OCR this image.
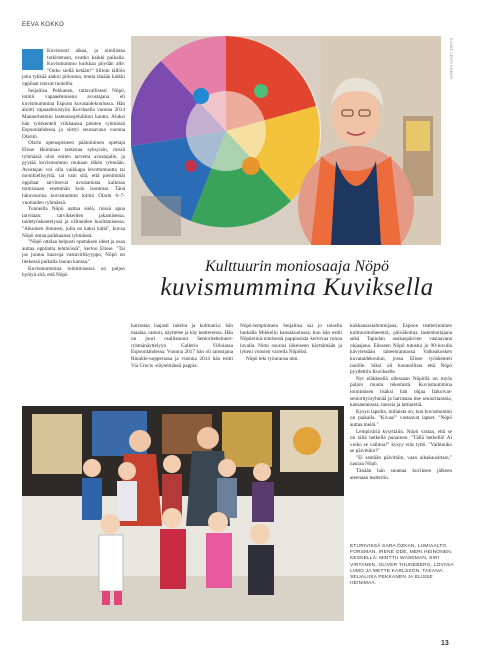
EEVA KOKKO

Kuvistunti alkaa, ja nimilistaa tarkistetaan, ovatko kaikki paikalla. Kuvismummo kurkkaa pöydän alle: "Onko siellä ketään?" Silloin tällöin joku tykkää alakoi piiloutua, mutta tänään kaikki oppilaat istuvat tuoleilla.

Seijaliisa Pekkanen, tuttavallisesti Nöpö, toimii vapaaehtoisena avustajana eli kuvismummina Espoon kuvataidekoulussa. Hän aloitti vapaaehtoistyön Kuviksella vuonna 2014 Mannerheimin lastensuojeluliiton kautta. Aluksi hän työskenteli viikkaassa pienten ryhmässä Espoonlahdessa ja siirtyi seuraavana vuonna Olariin.

Olarin opetuspisteen päätoiminen opettaja Elisse Heinimaa tarkistaa syksyisin, missä ryhmässä olisi eniten tarvetta avustajalle, ja pyytää kuvismummo mukaan tähän ryhmään. Avustajan voi olla vaikkapa levottomuutta tai monikielisyyttä, tai vain sitä, että pienimmät oppilaat tarvitsevat avustamista kaikissa toimissaan enemmän kuin isommat. Tänä lukuvuonna kuvismummi toimii Olarin 6–7-vuotiaiden ryhmässä.

Tunneilla Nöpö auttaa sielä, missä apua tarvitaan: tarvikkeiden jakamisessa, taidetyöskentelyssä ja välineiden huoltamisessa. "Aikuinen ihminen, jolla on kaksi kättä", kuvaa Nöpö omaa paikkaansa ryhmässä.

"Nöpö ottelaa helposti opetuksen ideat ja osaa auttaa oppilaita tehtävissä", kertoo Elisse. "Tai jos joutuu kaavoja vastavirkkyyppo, Nöpö on lietkessä paikalla lauran kanssa."

Kuvismummina toimimisessa on paljon hyötyä sitä, että Nöpö

KUVAT: LEHTI KOKKO
Kulttuurin moniosaaja Nöpö
kuvismummina Kuviksella

harrastaa laajasti taiteita ja kulttuuria: hän maalaa, ramnii, näyttelee ja käy teattereissa. Hän on juuri osallistunut Senioriteheinner-ryhmänäyttelyyn Galleria Villoiassa Espoonlahdessa. Vuonna 2017 hän oli tanssijana Rinaldo-oopperassa ja vuonna 2014 hän esitti Via Crucis -näytelmässä pappia.

Nöpö-lempinimen Seijaliisa sai jo toisella luokalla Mikkelin kansakoulussa, kun hän esitti Nöpöerinä-nimisestä pappiosista kertovaa runoa luvalla. Nimi osurasi liikeiseen käyttämään ja lyheni vuosien varrella Nöpöksi.

Nöpö teki työuransa mm.

kokkausasialtoimijana, Espoon teatteritoimen kulttuuritoiheenträ, päiväkotina lastenhoitajana sekä Tapiolan asukaspäivien vastaavana ohjaajana. Elisseen Nöpö tutustui jo 90-luvulla kävytessään taiteenrannassa Valkeakosken kuvataidekoulun, jossa Elisse työskenteli taulille. Siksi oli luonnollista että Nöpö pyydettiin Kuvikselle.

Nyt eläkkeellä ollessaan Nöpöllä on myös paljon muuta tekemistä. Kuvismummina toimimisen lisäksi hän ohjaa Ilakoivat-seniorityöryhmää ja harrastaa itse senioritanssia, kansantanssia, tanssia ja lattiaretiä.

Kysyn lapsilta, millaista on, kun kuvismummi on paikalla. "Kivaa!" vastaavat lapset. "Nöpö auttaa meitä."

Lempiväriä kysyttäiin. Nöpö vastaa, että se on tällä hetkellä punainen. "Tällä hetkellä! Ai voiko se vaihtua?" kysyy eräs tyttö. "Vaihtuuko se päivittäin?"

"Ei sentään päivittäin, vaan aikakausittain," nauraa Nöpö.

Tänään hän suuntaa kuviksen jälkeen ateenaan teatteriin.

ETURIVISSÄ SARA ÖZKAN, LUMIAALTO FORSMAN, IRENE ODÉ, MERI HEINONEN. KESKELLÄ: MINTTU WASKMAN, SIRI VIRTANEN, OLIVER THUNEBERG, LOVIISA LIIMO JA METTE KARLSSON. TAKANA: SEIJALIISA PEKKANEN JA ELISSE HEINIMAA.
13
